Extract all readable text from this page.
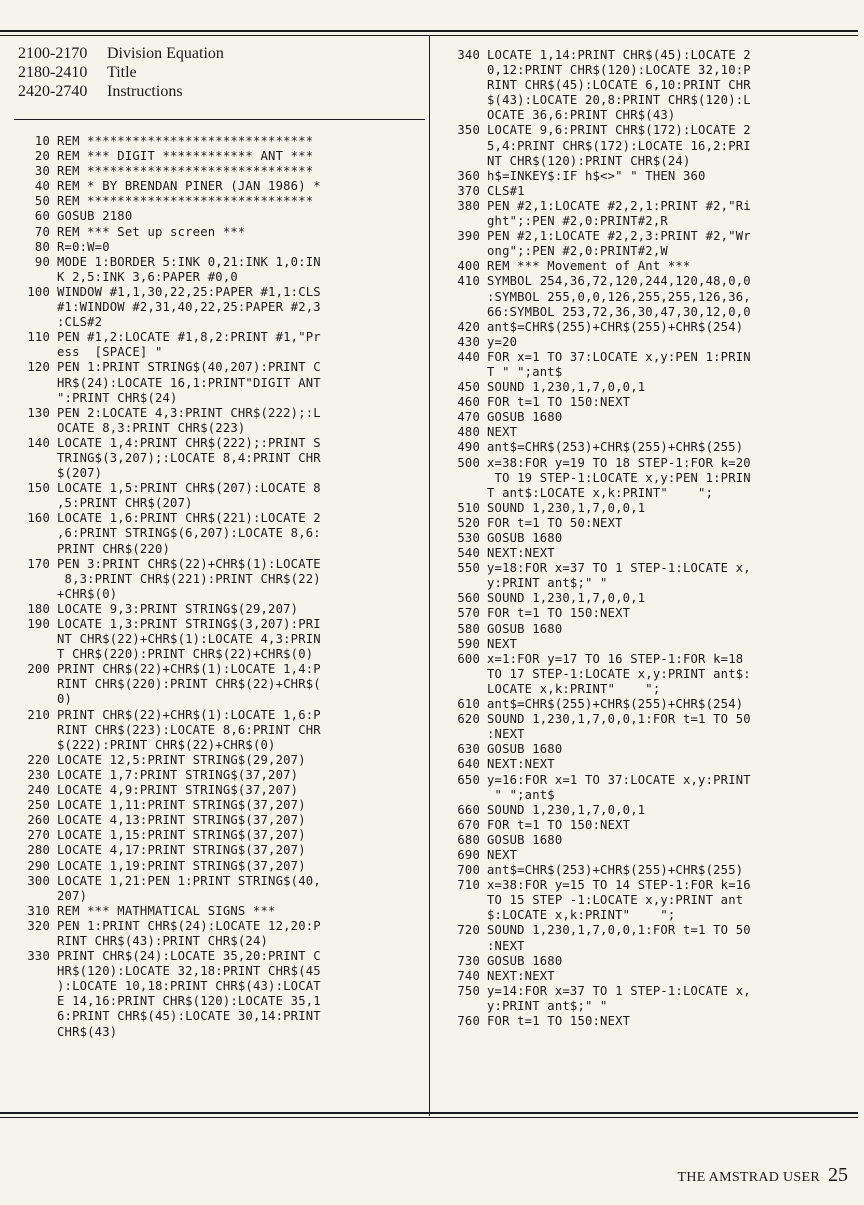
2100-2170	Division Equation
2180-2410	Title
2420-2740	Instructions
10 REM ******************************
20 REM *** DIGIT ************ ANT ***
30 REM ******************************
40 REM * BY BRENDAN PINER (JAN 1986) *
50 REM ******************************
60 GOSUB 2180
70 REM *** Set up screen ***
80 R=0:W=0
90 MODE 1:BORDER 5:INK 0,21:INK 1,0:IN
K 2,5:INK 3,6:PAPER #0,0
100 WINDOW #1,1,30,22,25:PAPER #1,1:CLS
#1:WINDOW #2,31,40,22,25:PAPER #2,3
:CLS#2
110 PEN #1,2:LOCATE #1,8,2:PRINT #1,"Pr
ess  [SPACE] "
120 PEN 1:PRINT STRING$(40,207):PRINT C
HR$(24):LOCATE 16,1:PRINT"DIGIT ANT
":PRINT CHR$(24)
130 PEN 2:LOCATE 4,3:PRINT CHR$(222);:L
OCATE 8,3:PRINT CHR$(223)
140 LOCATE 1,4:PRINT CHR$(222);:PRINT S
TRING$(3,207);:LOCATE 8,4:PRINT CHR
$(207)
150 LOCATE 1,5:PRINT CHR$(207):LOCATE 8
,5:PRINT CHR$(207)
160 LOCATE 1,6:PRINT CHR$(221):LOCATE 2
,6:PRINT STRING$(6,207):LOCATE 8,6:
PRINT CHR$(220)
170 PEN 3:PRINT CHR$(22)+CHR$(1):LOCATE
8,3:PRINT CHR$(221):PRINT CHR$(22)
+CHR$(0)
180 LOCATE 9,3:PRINT STRING$(29,207)
190 LOCATE 1,3:PRINT STRING$(3,207):PRI
NT CHR$(22)+CHR$(1):LOCATE 4,3:PRIN
T CHR$(220):PRINT CHR$(22)+CHR$(0)
200 PRINT CHR$(22)+CHR$(1):LOCATE 1,4:P
RINT CHR$(220):PRINT CHR$(22)+CHR$(
0)
210 PRINT CHR$(22)+CHR$(1):LOCATE 1,6:P
RINT CHR$(223):LOCATE 8,6:PRINT CHR
$(222):PRINT CHR$(22)+CHR$(0)
220 LOCATE 12,5:PRINT STRING$(29,207)
230 LOCATE 1,7:PRINT STRING$(37,207)
240 LOCATE 4,9:PRINT STRING$(37,207)
250 LOCATE 1,11:PRINT STRING$(37,207)
260 LOCATE 4,13:PRINT STRING$(37,207)
270 LOCATE 1,15:PRINT STRING$(37,207)
280 LOCATE 4,17:PRINT STRING$(37,207)
290 LOCATE 1,19:PRINT STRING$(37,207)
300 LOCATE 1,21:PEN 1:PRINT STRING$(40,
207)
310 REM *** MATHMATICAL SIGNS ***
320 PEN 1:PRINT CHR$(24):LOCATE 12,20:P
RINT CHR$(43):PRINT CHR$(24)
330 PRINT CHR$(24):LOCATE 35,20:PRINT C
HR$(120):LOCATE 32,18:PRINT CHR$(45
):LOCATE 10,18:PRINT CHR$(43):LOCAT
E 14,16:PRINT CHR$(120):LOCATE 35,1
6:PRINT CHR$(45):LOCATE 30,14:PRINT
CHR$(43)
340 LOCATE 1,14:PRINT CHR$(45):LOCATE 2
0,12:PRINT CHR$(120):LOCATE 32,10:P
RINT CHR$(45):LOCATE 6,10:PRINT CHR
$(43):LOCATE 20,8:PRINT CHR$(120):L
OCATE 36,6:PRINT CHR$(43)
350 LOCATE 9,6:PRINT CHR$(172):LOCATE 2
5,4:PRINT CHR$(172):LOCATE 16,2:PRI
NT CHR$(120):PRINT CHR$(24)
360 h$=INKEY$:IF h$<>" " THEN 360
370 CLS#1
380 PEN #2,1:LOCATE #2,2,1:PRINT #2,"Ri
ght";:PEN #2,0:PRINT#2,R
390 PEN #2,1:LOCATE #2,2,3:PRINT #2,"Wr
ong";:PEN #2,0:PRINT#2,W
400 REM *** Movement of Ant ***
410 SYMBOL 254,36,72,120,244,120,48,0,0
:SYMBOL 255,0,0,126,255,255,126,36,
66:SYMBOL 253,72,36,30,47,30,12,0,0
420 ant$=CHR$(255)+CHR$(255)+CHR$(254)
430 y=20
440 FOR x=1 TO 37:LOCATE x,y:PEN 1:PRIN
T " ";ant$
450 SOUND 1,230,1,7,0,0,1
460 FOR t=1 TO 150:NEXT
470 GOSUB 1680
480 NEXT
490 ant$=CHR$(253)+CHR$(255)+CHR$(255)
500 x=38:FOR y=19 TO 18 STEP-1:FOR k=20
TO 19 STEP-1:LOCATE x,y:PEN 1:PRIN
T ant$:LOCATE x,k:PRINT"    ";
510 SOUND 1,230,1,7,0,0,1
520 FOR t=1 TO 50:NEXT
530 GOSUB 1680
540 NEXT:NEXT
550 y=18:FOR x=37 TO 1 STEP-1:LOCATE x,
y:PRINT ant$;" "
560 SOUND 1,230,1,7,0,0,1
570 FOR t=1 TO 150:NEXT
580 GOSUB 1680
590 NEXT
600 x=1:FOR y=17 TO 16 STEP-1:FOR k=18
TO 17 STEP-1:LOCATE x,y:PRINT ant$:
LOCATE x,k:PRINT"    ";
610 ant$=CHR$(255)+CHR$(255)+CHR$(254)
620 SOUND 1,230,1,7,0,0,1:FOR t=1 TO 50
:NEXT
630 GOSUB 1680
640 NEXT:NEXT
650 y=16:FOR x=1 TO 37:LOCATE x,y:PRINT
" ";ant$
660 SOUND 1,230,1,7,0,0,1
670 FOR t=1 TO 150:NEXT
680 GOSUB 1680
690 NEXT
700 ant$=CHR$(253)+CHR$(255)+CHR$(255)
710 x=38:FOR y=15 TO 14 STEP-1:FOR k=16
TO 15 STEP -1:LOCATE x,y:PRINT ant
$:LOCATE x,k:PRINT"    ";
720 SOUND 1,230,1,7,0,0,1:FOR t=1 TO 50
:NEXT
730 GOSUB 1680
740 NEXT:NEXT
750 y=14:FOR x=37 TO 1 STEP-1:LOCATE x,
y:PRINT ant$;" "
760 FOR t=1 TO 150:NEXT
THE AMSTRAD USER 25
